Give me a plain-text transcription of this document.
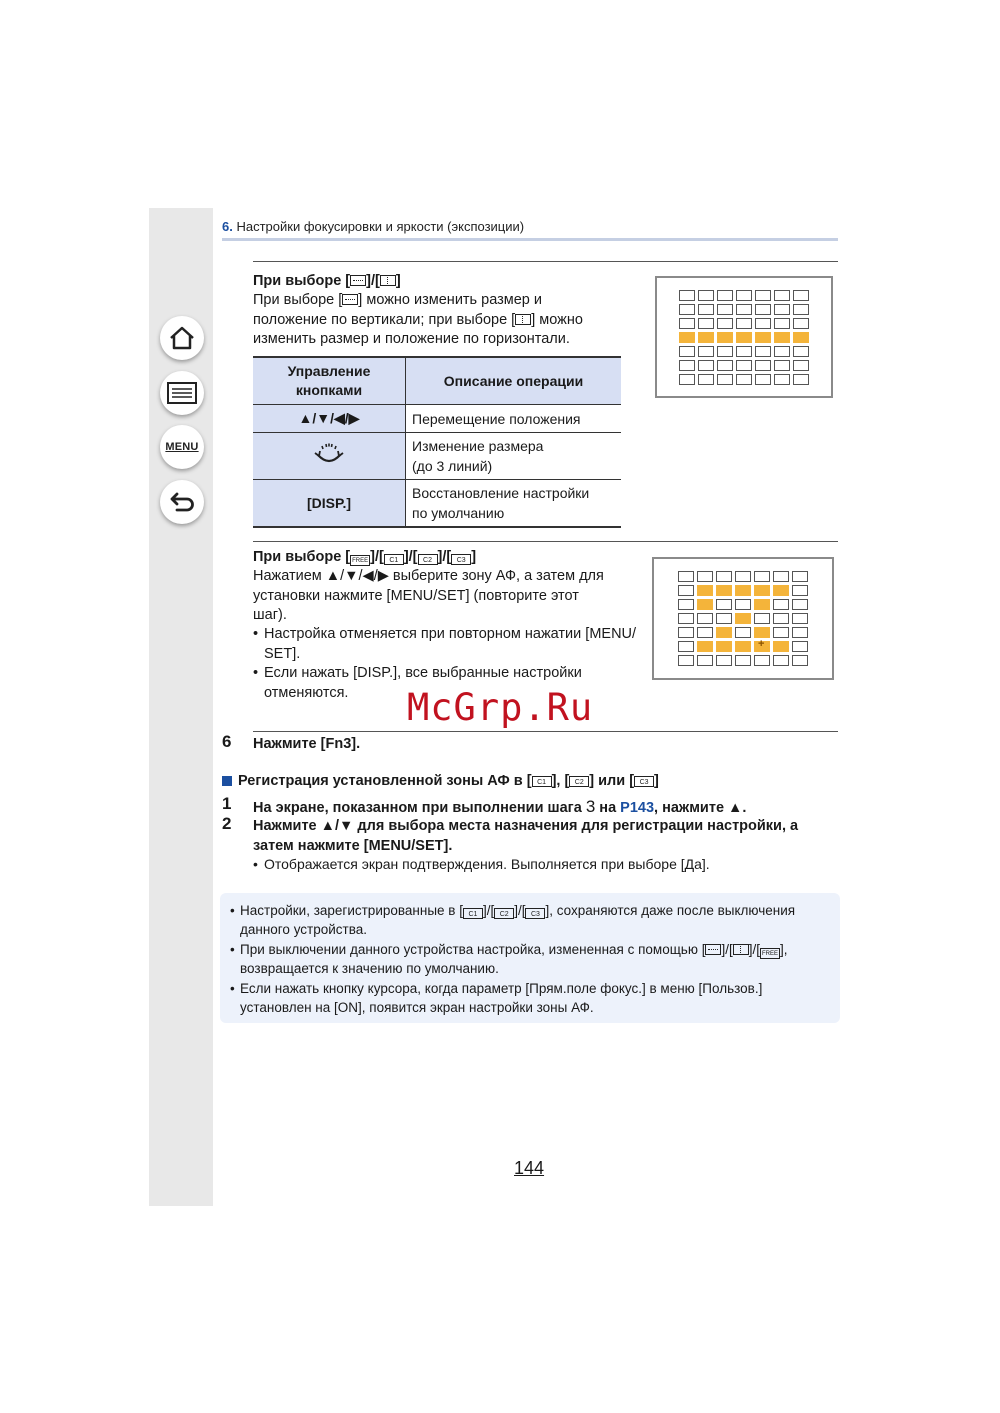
MENU
6. Настройки фокусировки и яркости (экспозиции)
При выборе [ ]/[ ]
При выборе [ ] можно изменить размер и
положение по вертикали; при выборе [ ] можно
изменить размер и положение по горизонтали.
Управление
кнопками	Описание операции
▲/▼/◀/▶	Перемещение положения
	Изменение размера
(до 3 линий)
[DISP.]	Восстановление настройки
по умолчанию
При выборе [ FREE ]/[ C1 ]/[ C2 ]/[ C3 ]
Нажатием ▲/▼/◀/▶ выберите зону АФ, а затем для
установки нажмите [MENU/SET] (повторите этот
шаг).
• Настройка отменяется при повторном нажатии [MENU/
SET].
• Если нажать [DISP.], все выбранные настройки
отменяются.
+	McGrp.Ru
6 Нажмите [Fn3].
Регистрация установленной зоны АФ в [ C1 ], [ C2 ] или [ C3 ]
1 На экране, показанном при выполнении шага 3 на P143, нажмите ▲.
2 Нажмите ▲/▼ для выбора места назначения для регистрации настройки, а
затем нажмите [MENU/SET].
• Отображается экран подтверждения. Выполняется при выборе [Да].
• Настройки, зарегистрированные в [ C1 ]/[ C2 ]/[ C3 ], сохраняются даже после выключения
данного устройства.
• При выключении данного устройства настройка, измененная с помощью [ ]/[ ]/[ FREE ],
возвращается к значению по умолчанию.
• Если нажать кнопку курсора, когда параметр [Прям.поле фокус.] в меню [Пользов.]
установлен на [ON], появится экран настройки зоны АФ.
144
